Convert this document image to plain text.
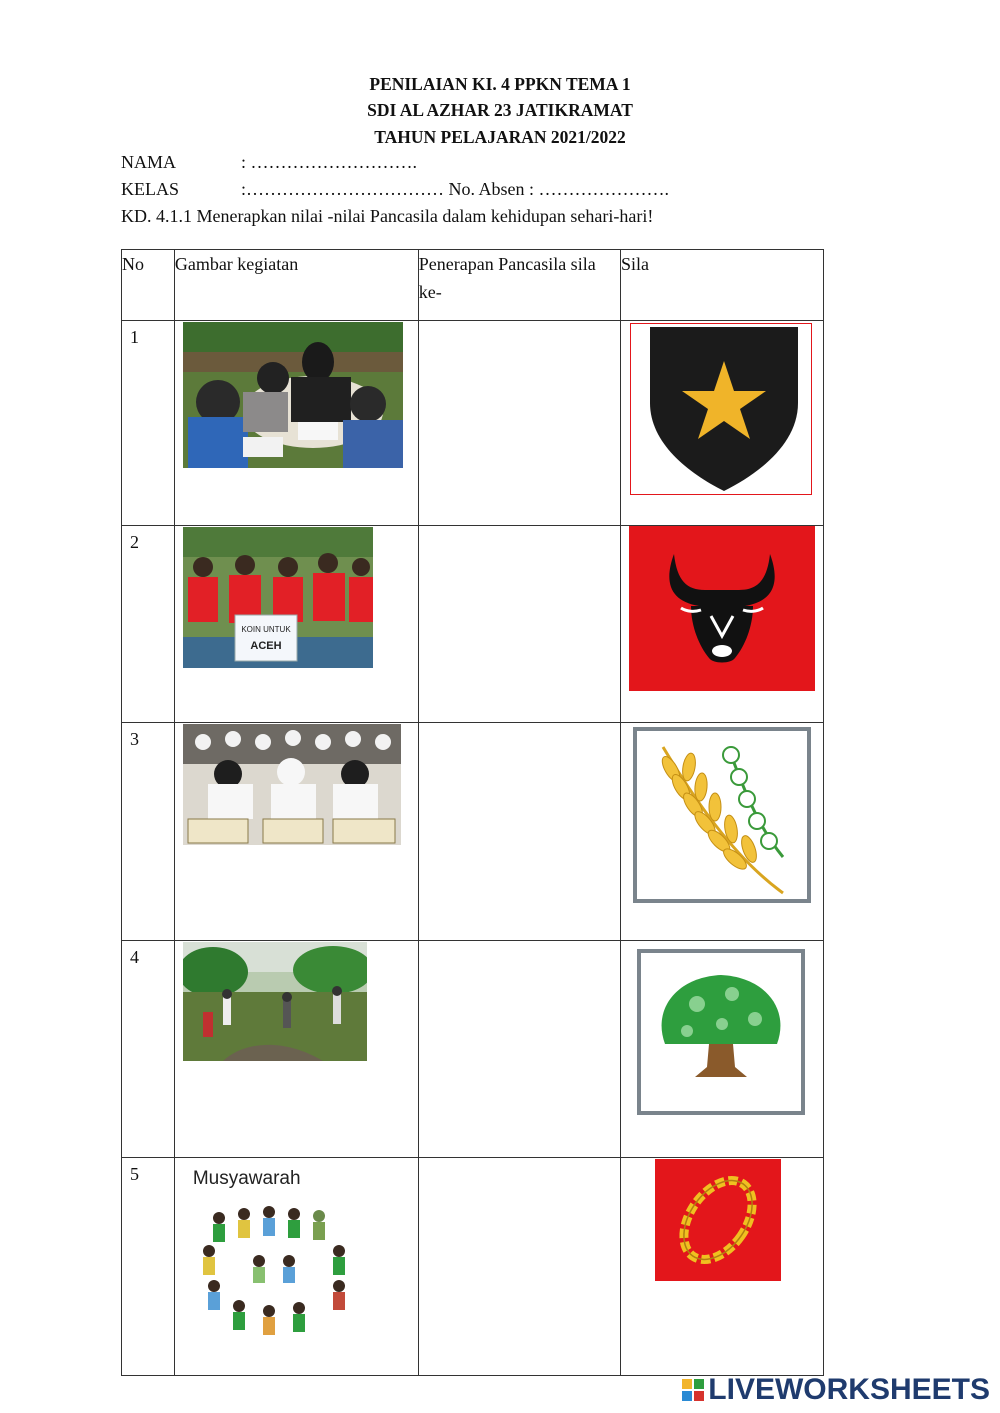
PENILAIAN KI. 4 PPKN TEMA 1
SDI AL AZHAR 23 JATIKRAMAT
TAHUN PELAJARAN 2021/2022
NAMA	: ……………………….
KELAS	:…………………………… No. Absen : ………………….
KD. 4.1.1 Menerapkan nilai -nilai Pancasila dalam kehidupan sehari-hari!
No	Gambar kegiatan	Penerapan Pancasila sila ke-	Sila
1	

2	KOIN UNTUK
ACEH

3	

4	

5	Musyawarah

LIVEWORKSHEETS
